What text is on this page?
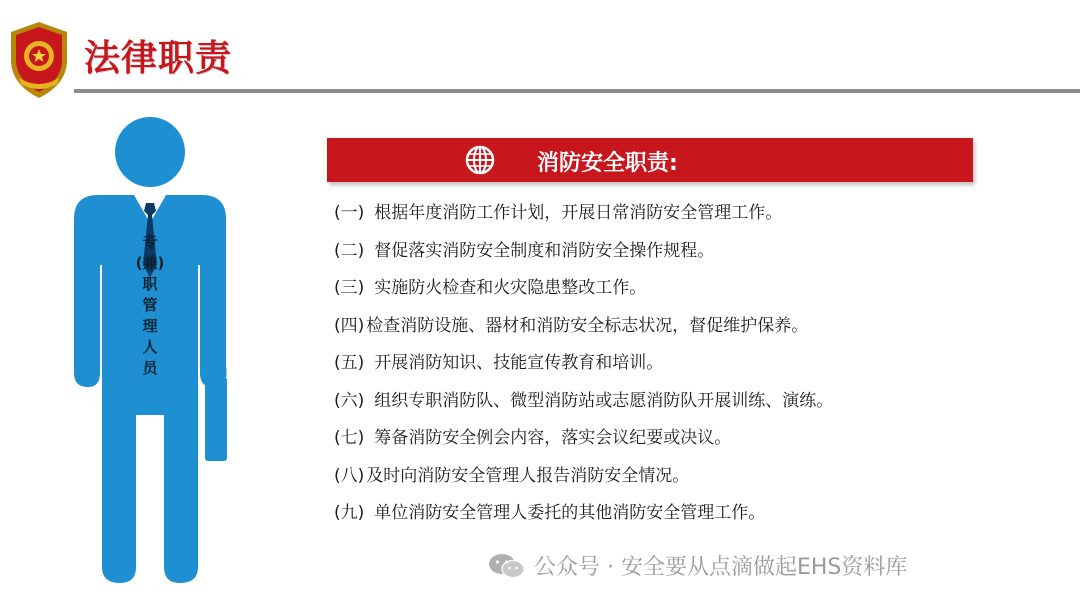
法律职责
专
(兼)
职
管
理
人
员
消防安全职责:
(一) 根据年度消防工作计划，开展日常消防安全管理工作。
(二) 督促落实消防安全制度和消防安全操作规程。
(三) 实施防火检查和火灾隐患整改工作。
(四) 检查消防设施、器材和消防安全标志状况，督促维护保养。
(五) 开展消防知识、技能宣传教育和培训。
(六) 组织专职消防队、微型消防站或志愿消防队开展训练、演练。
(七) 筹备消防安全例会内容，落实会议纪要或决议。
(八) 及时向消防安全管理人报告消防安全情况。
(九) 单位消防安全管理人委托的其他消防安全管理工作。
公众号 · 安全要从点滴做起EHS资料库
